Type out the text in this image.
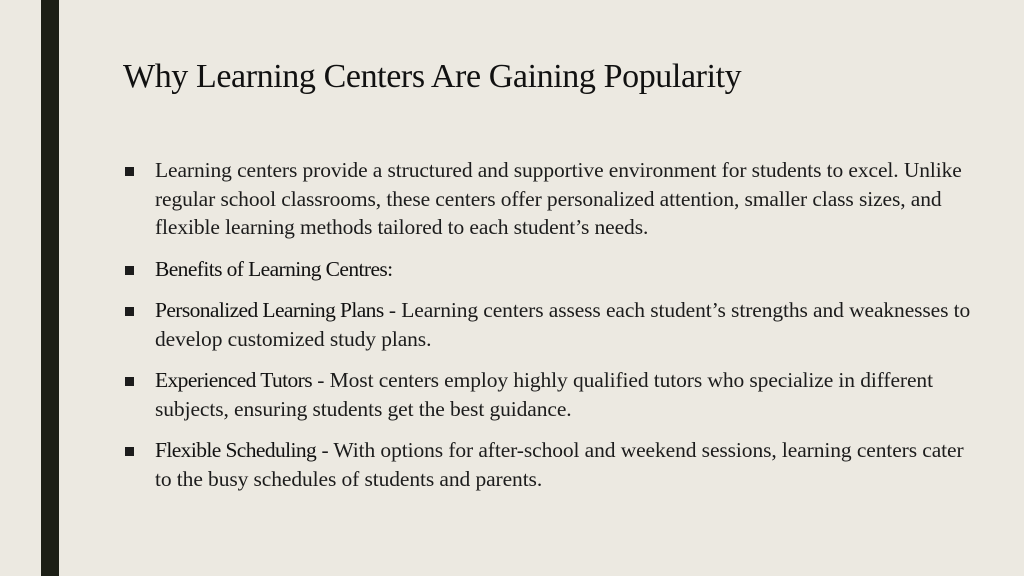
Why Learning Centers Are Gaining Popularity
Learning centers provide a structured and supportive environment for students to excel. Unlike regular school classrooms, these centers offer personalized attention, smaller class sizes, and flexible learning methods tailored to each student’s needs.
Benefits of Learning Centres:
Personalized Learning Plans - Learning centers assess each student’s strengths and weaknesses to develop customized study plans.
Experienced Tutors - Most centers employ highly qualified tutors who specialize in different subjects, ensuring students get the best guidance.
Flexible Scheduling - With options for after-school and weekend sessions, learning centers cater to the busy schedules of students and parents.
